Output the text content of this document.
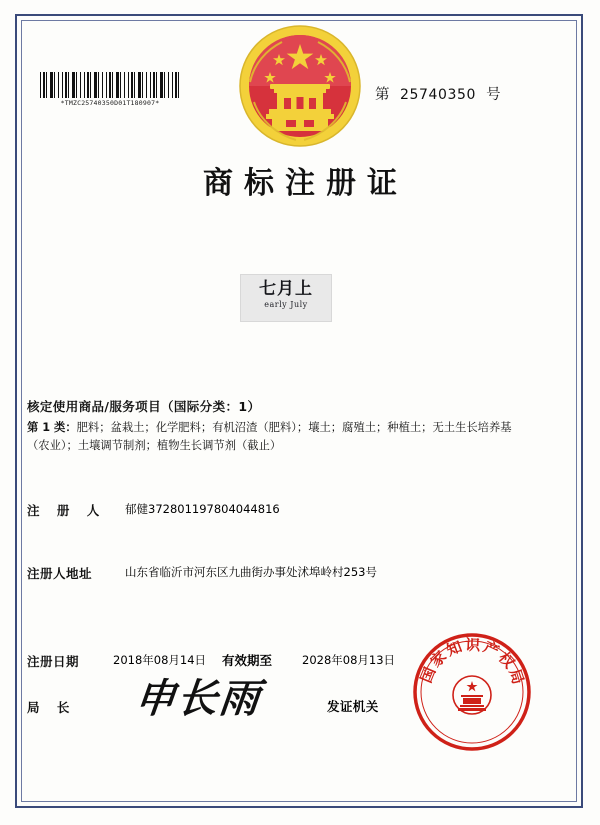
*TMZC25740350D01T180907*	第 25740350 号
商标注册证
七月上
early July
核定使用商品/服务项目（国际分类：1）
第 1 类：肥料；盆栽土；化学肥料；有机沼渣（肥料）；壤土；腐殖土；种植土；无土生长培养基（农业）；土壤调节制剂；植物生长调节剂（截止）
注 册 人 郁健372801197804044816
注册人地址	山东省临沂市河东区九曲街办事处沭埠岭村253号
注册日期	2018年08月14日 有效期至	2028年08月13日
局 长 申长雨	发证机关
国家知识产权局
